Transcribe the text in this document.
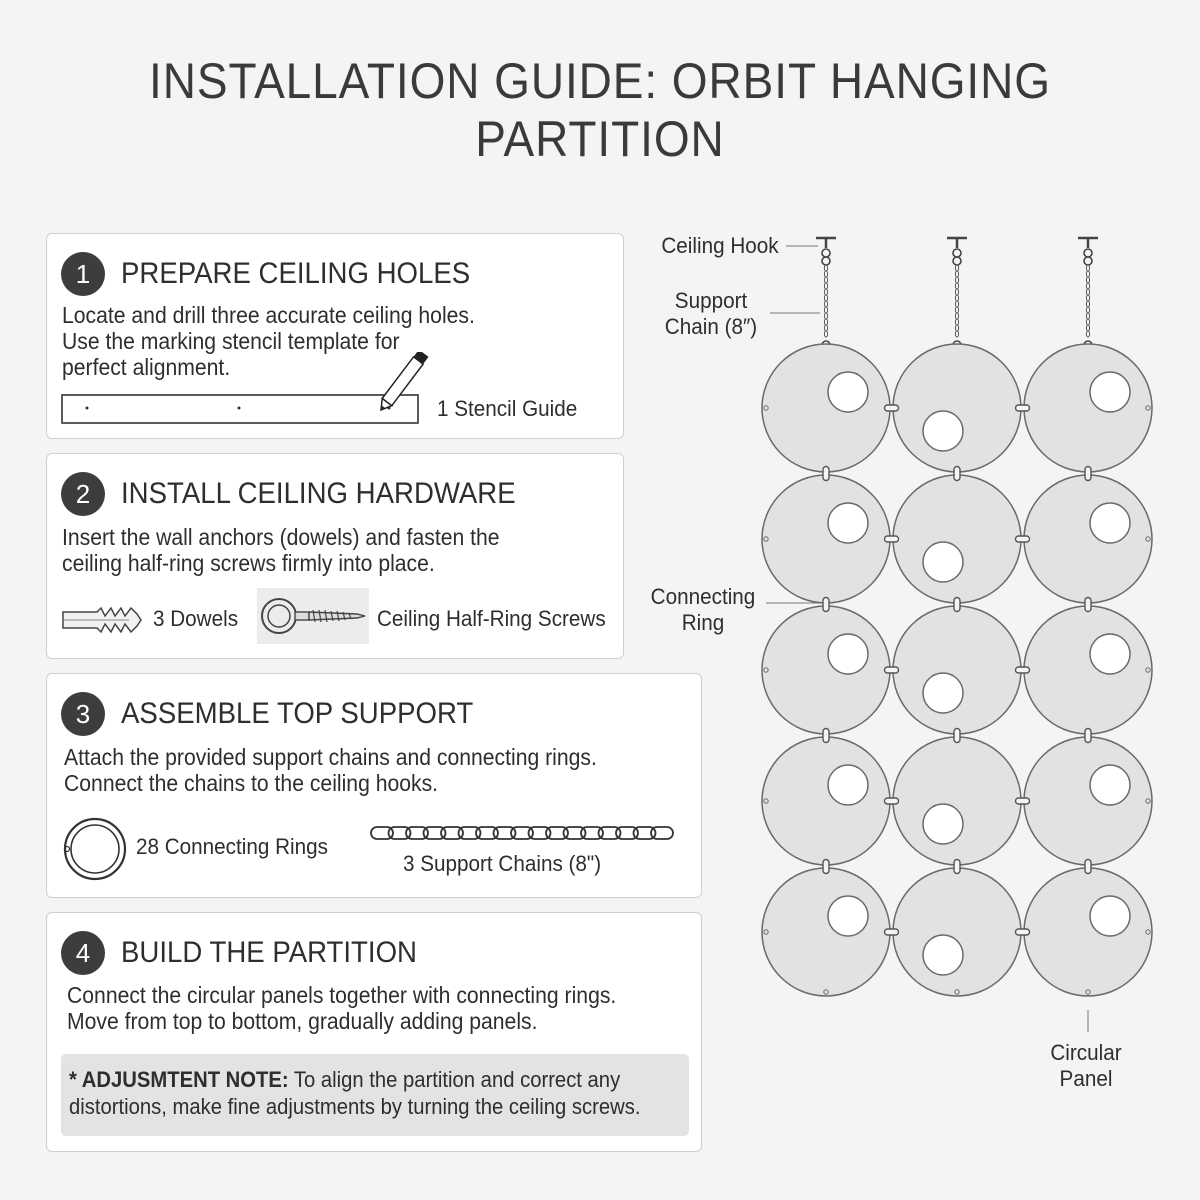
INSTALLATION GUIDE: ORBIT HANGING PARTITION
1	PREPARE CEILING HOLES
Locate and drill three accurate ceiling holes.
Use the marking stencil template for
perfect alignment.
1 Stencil Guide
2	INSTALL CEILING HARDWARE
Insert the wall anchors (dowels) and fasten the
ceiling half-ring screws firmly into place.
3 Dowels	Ceiling Half-Ring Screws
3	ASSEMBLE TOP SUPPORT
Attach the provided support chains and connecting rings.
Connect the chains to the ceiling hooks.
28 Connecting Rings
3 Support Chains (8")
4	BUILD THE PARTITION
Connect the circular panels together with connecting rings.
Move from top to bottom, gradually adding panels.
* ADJUSMTENT NOTE: To align the partition and correct any distortions, make fine adjustments by turning the ceiling screws.
Ceiling Hook
Support
Chain (8″)
Connecting
Ring
Circular
Panel
